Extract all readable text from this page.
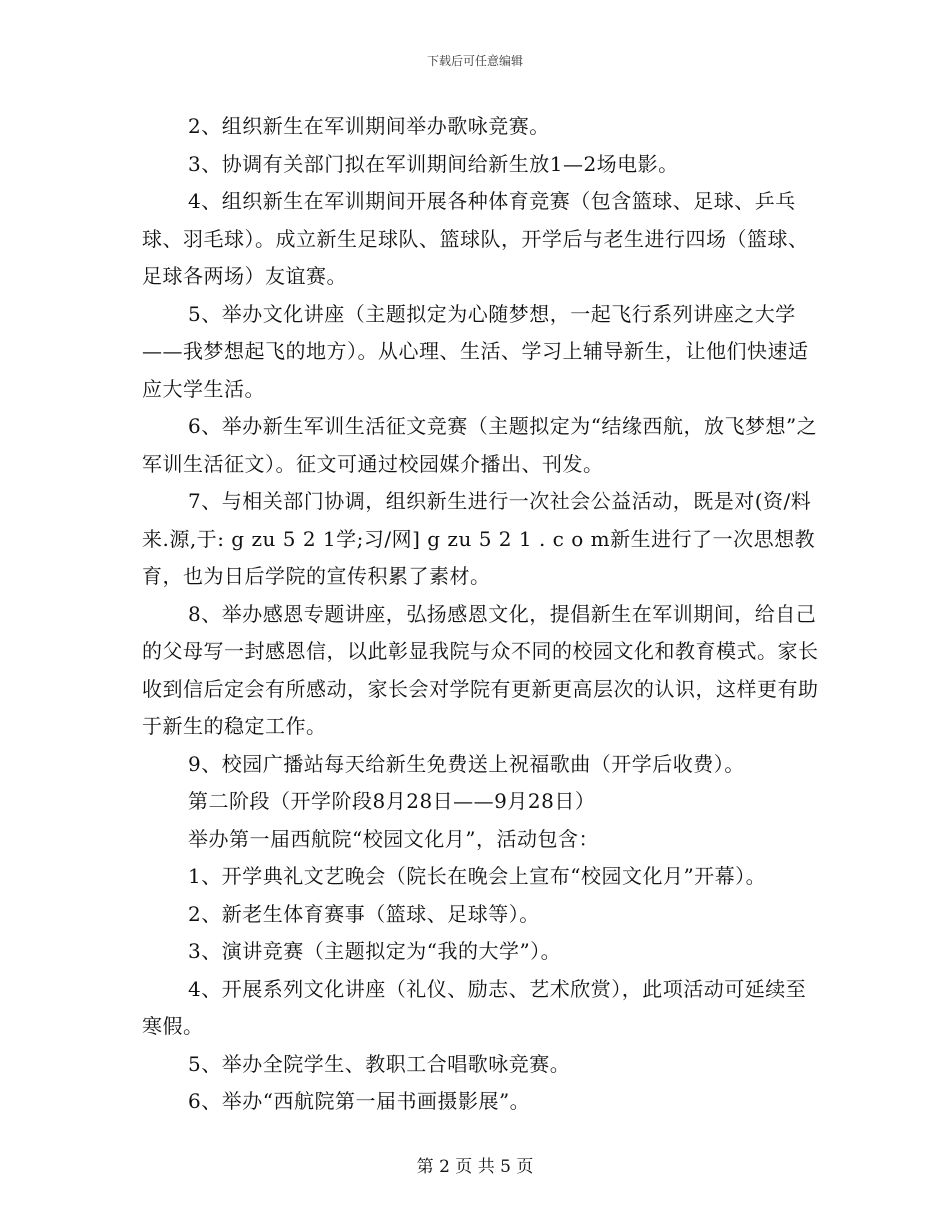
下载后可任意编辑

2、组织新生在军训期间举办歌咏竞赛。

3、协调有关部门拟在军训期间给新生放1—2场电影。

4、组织新生在军训期间开展各种体育竞赛（包含篮球、足球、乒乓球、羽毛球）。成立新生足球队、篮球队，开学后与老生进行四场（篮球、足球各两场）友谊赛。

5、举办文化讲座（主题拟定为心随梦想，一起飞行系列讲座之大学——我梦想起飞的地方）。从心理、生活、学习上辅导新生，让他们快速适应大学生活。

6、举办新生军训生活征文竞赛（主题拟定为“结缘西航，放飞梦想”之军训生活征文）。征文可通过校园媒介播出、刊发。

7、与相关部门协调，组织新生进行一次社会公益活动，既是对(资/料来.源,于: g zu 5 2 1学;习/网] g zu 5 2 1 . c o m新生进行了一次思想教育，也为日后学院的宣传积累了素材。

8、举办感恩专题讲座，弘扬感恩文化，提倡新生在军训期间，给自己的父母写一封感恩信，以此彰显我院与众不同的校园文化和教育模式。家长收到信后定会有所感动，家长会对学院有更新更高层次的认识，这样更有助于新生的稳定工作。

9、校园广播站每天给新生免费送上祝福歌曲（开学后收费）。

第二阶段（开学阶段8月28日——9月28日）

举办第一届西航院“校园文化月”，活动包含：

1、开学典礼文艺晚会（院长在晚会上宣布“校园文化月”开幕）。

2、新老生体育赛事（篮球、足球等）。

3、演讲竞赛（主题拟定为“我的大学”）。

4、开展系列文化讲座（礼仪、励志、艺术欣赏），此项活动可延续至寒假。

5、举办全院学生、教职工合唱歌咏竞赛。

6、举办“西航院第一届书画摄影展”。

第 2 页 共 5 页
